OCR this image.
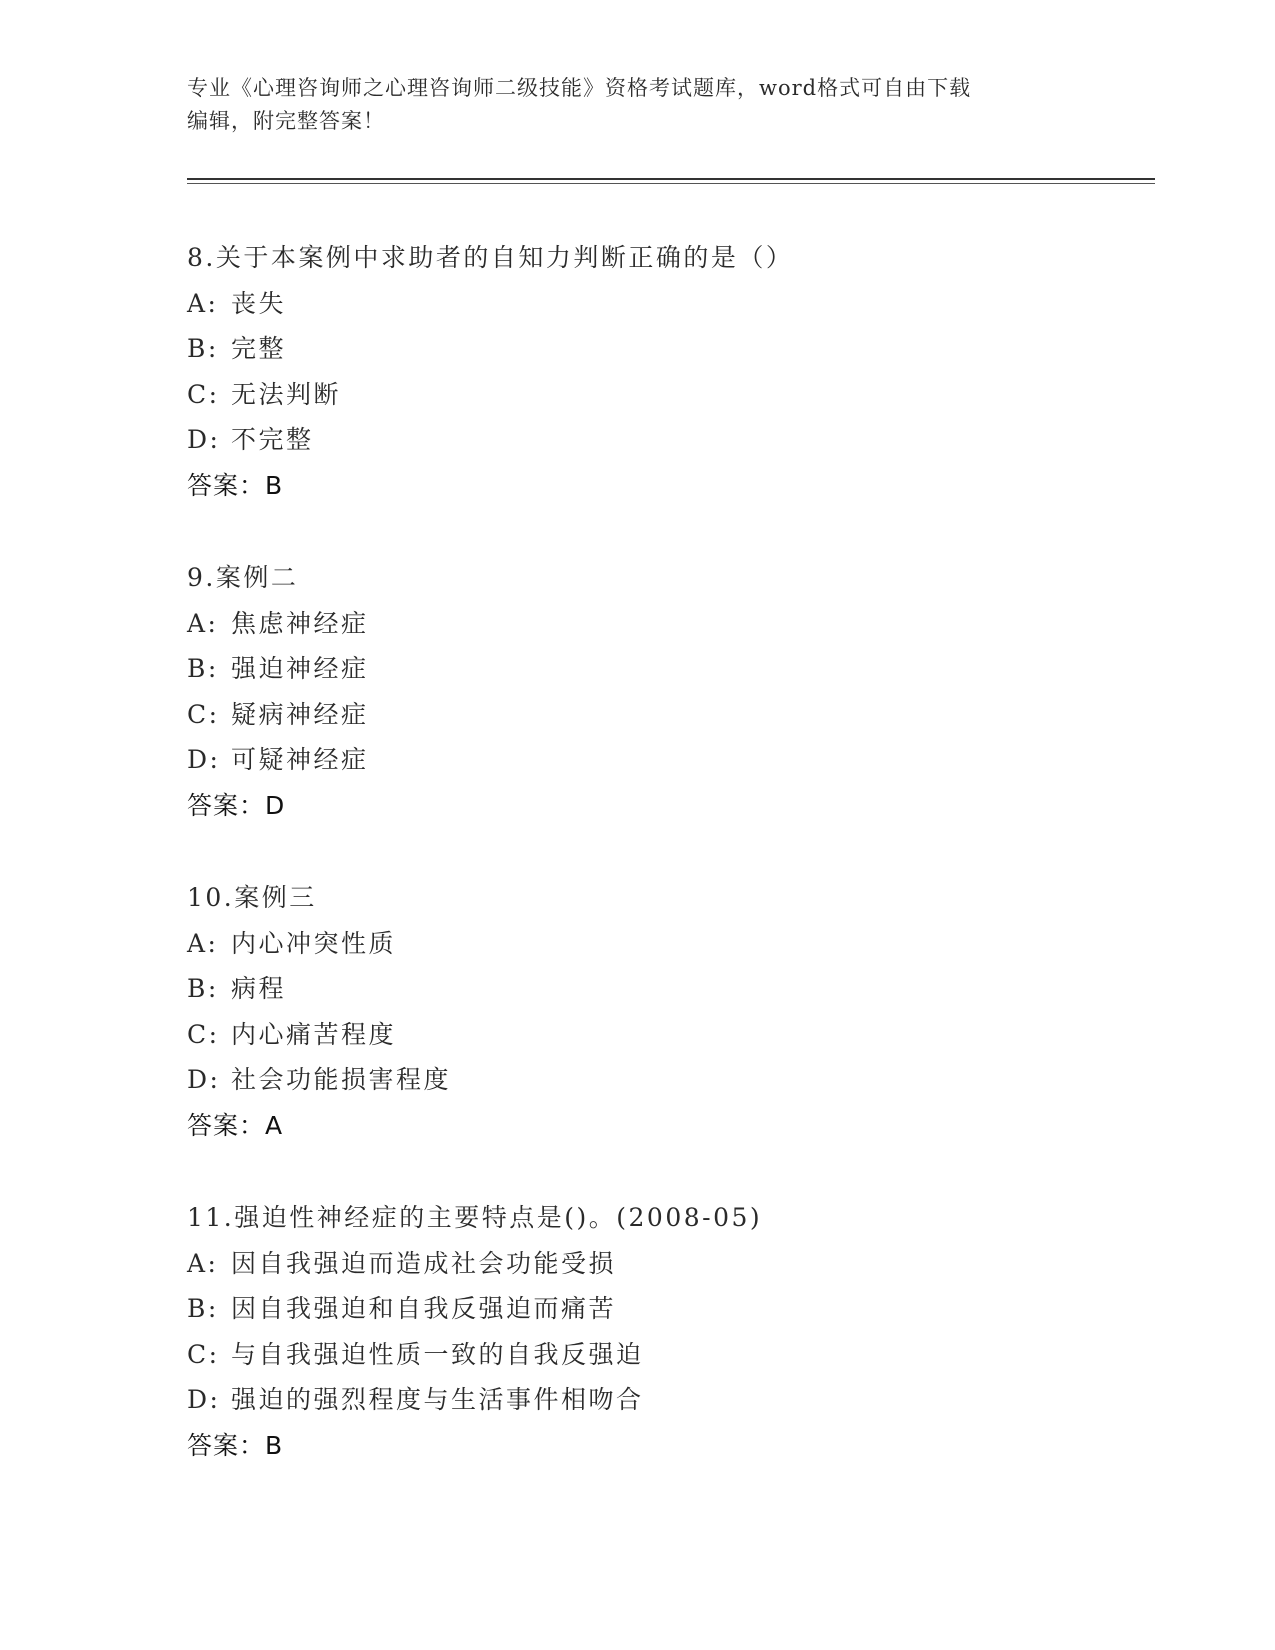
专业《心理咨询师之心理咨询师二级技能》资格考试题库，word格式可自由下载
编辑，附完整答案！
8.关于本案例中求助者的自知力判断正确的是（）
A: 丧失
B: 完整
C: 无法判断
D: 不完整
答案：B
9.案例二
A: 焦虑神经症
B: 强迫神经症
C: 疑病神经症
D: 可疑神经症
答案：D
10.案例三
A: 内心冲突性质
B: 病程
C: 内心痛苦程度
D: 社会功能损害程度
答案：A
11.强迫性神经症的主要特点是()。(2008-05)
A: 因自我强迫而造成社会功能受损
B: 因自我强迫和自我反强迫而痛苦
C: 与自我强迫性质一致的自我反强迫
D: 强迫的强烈程度与生活事件相吻合
答案：B
